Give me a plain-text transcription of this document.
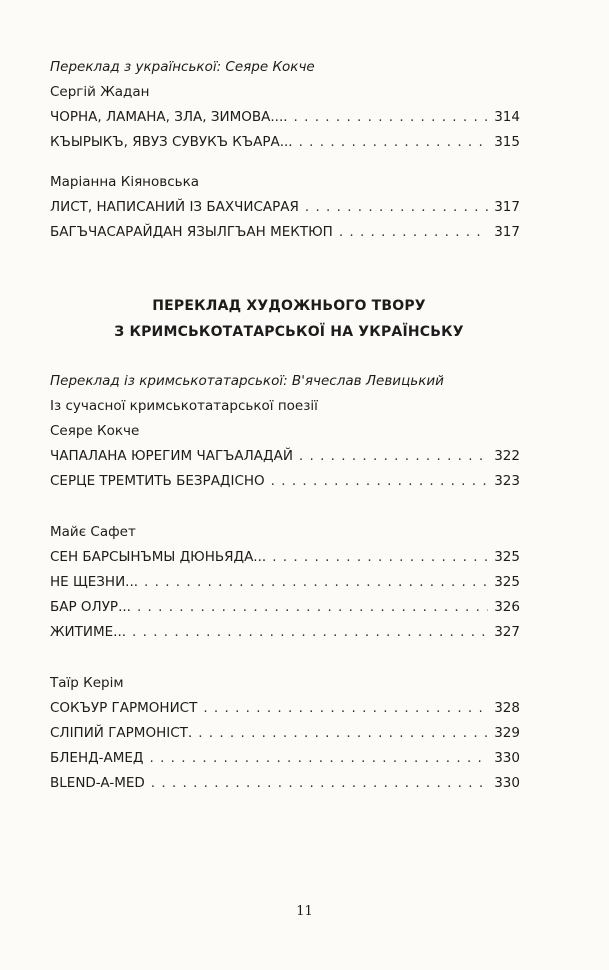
Переклад з української: Сеяре Кокче
Сергій Жадан
ЧОРНА, ЛАМАНА, ЗЛА, ЗИМОВА.... . . .	314
КЪЫРЫКЪ, ЯВУЗ СУВУКЪ КЪАРА... . . .	315
Маріанна Кіяновська
ЛИСТ, НАПИСАНИЙ ІЗ БАХЧИСАРАЯ . . .	317
БАГЪЧАСАРАЙДАН ЯЗЫЛГЪАН МЕКТЮП . . .	317
ПЕРЕКЛАД ХУДОЖНЬОГО ТВОРУ
З КРИМСЬКОТАТАРСЬКОЇ НА УКРАЇНСЬКУ
Переклад із кримськотатарської: В'ячеслав Левицький
Із сучасної кримськотатарської поезії
Сеяре Кокче
ЧАПАЛАНА ЮРЕГИМ ЧАГЪАЛАДАЙ . . .	322
СЕРЦЕ ТРЕМТИТЬ БЕЗРАДІСНО . . .	323
Майє Сафет
СЕН БАРСЫНЪМЫ ДЮНЬЯДА... . . .	325
НЕ ЩЕЗНИ... . . .	325
БАР ОЛУР... . . .	326
ЖИТИМЕ... . . .	327
Таїр Керім
СОКЪУР ГАРМОНИСТ . . .	328
СЛІПИЙ ГАРМОНІСТ. . . .	329
БЛЕНД-АМЕД . . .	330
BLEND-A-MED . . .	330
11
